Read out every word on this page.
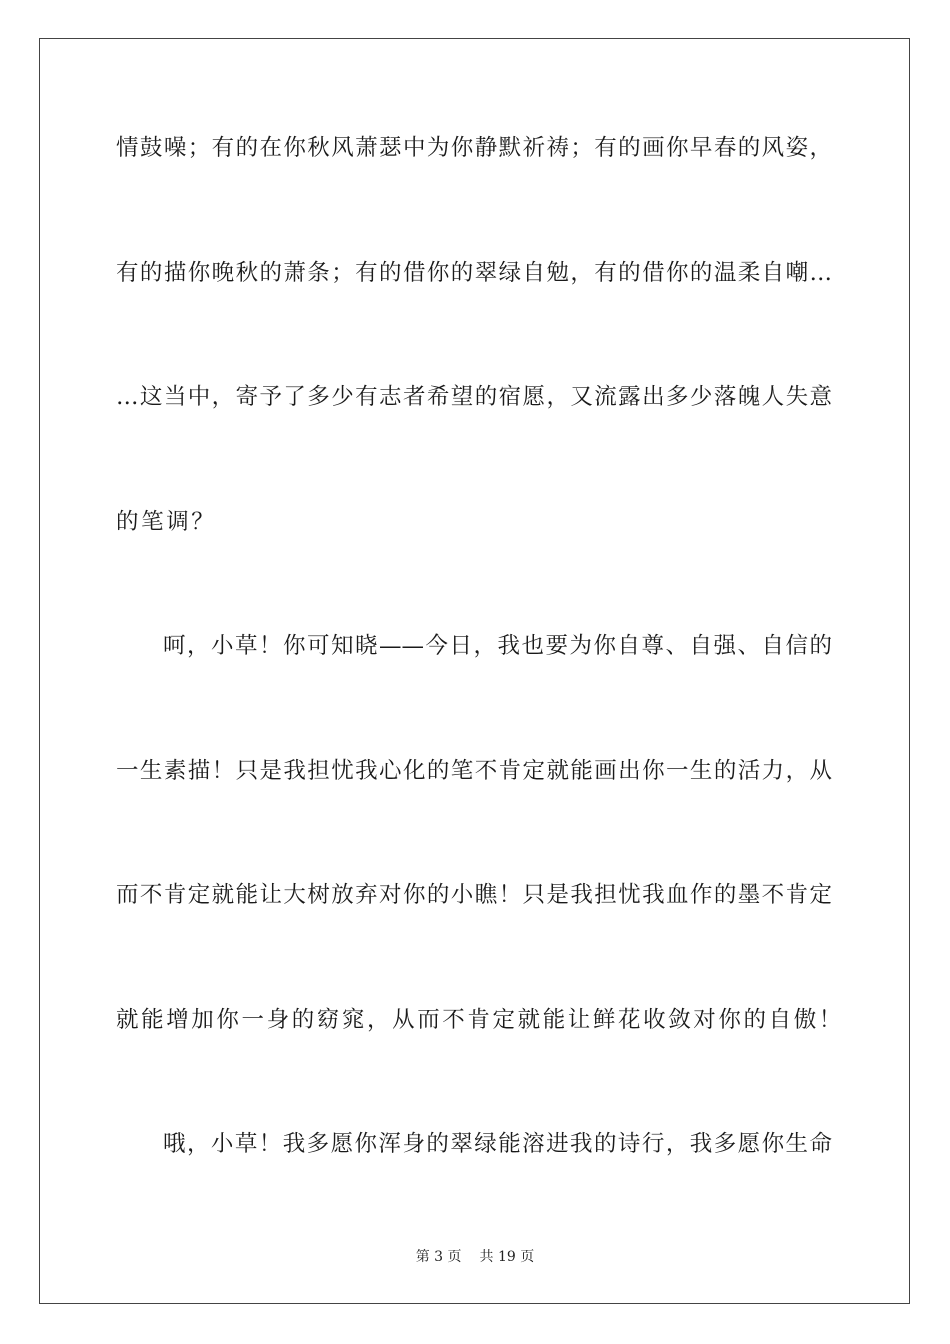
情鼓噪；有的在你秋风萧瑟中为你静默祈祷；有的画你早春的风姿，
有的描你晚秋的萧条；有的借你的翠绿自勉，有的借你的温柔自嘲…
…这当中，寄予了多少有志者希望的宿愿，又流露出多少落魄人失意
的笔调？
呵，小草！你可知晓——今日，我也要为你自尊、自强、自信的
一生素描！只是我担忧我心化的笔不肯定就能画出你一生的活力，从
而不肯定就能让大树放弃对你的小瞧！只是我担忧我血作的墨不肯定
就能增加你一身的窈窕，从而不肯定就能让鲜花收敛对你的自傲！
哦，小草！我多愿你浑身的翠绿能溶进我的诗行，我多愿你生命
第 3 页 共 19 页
